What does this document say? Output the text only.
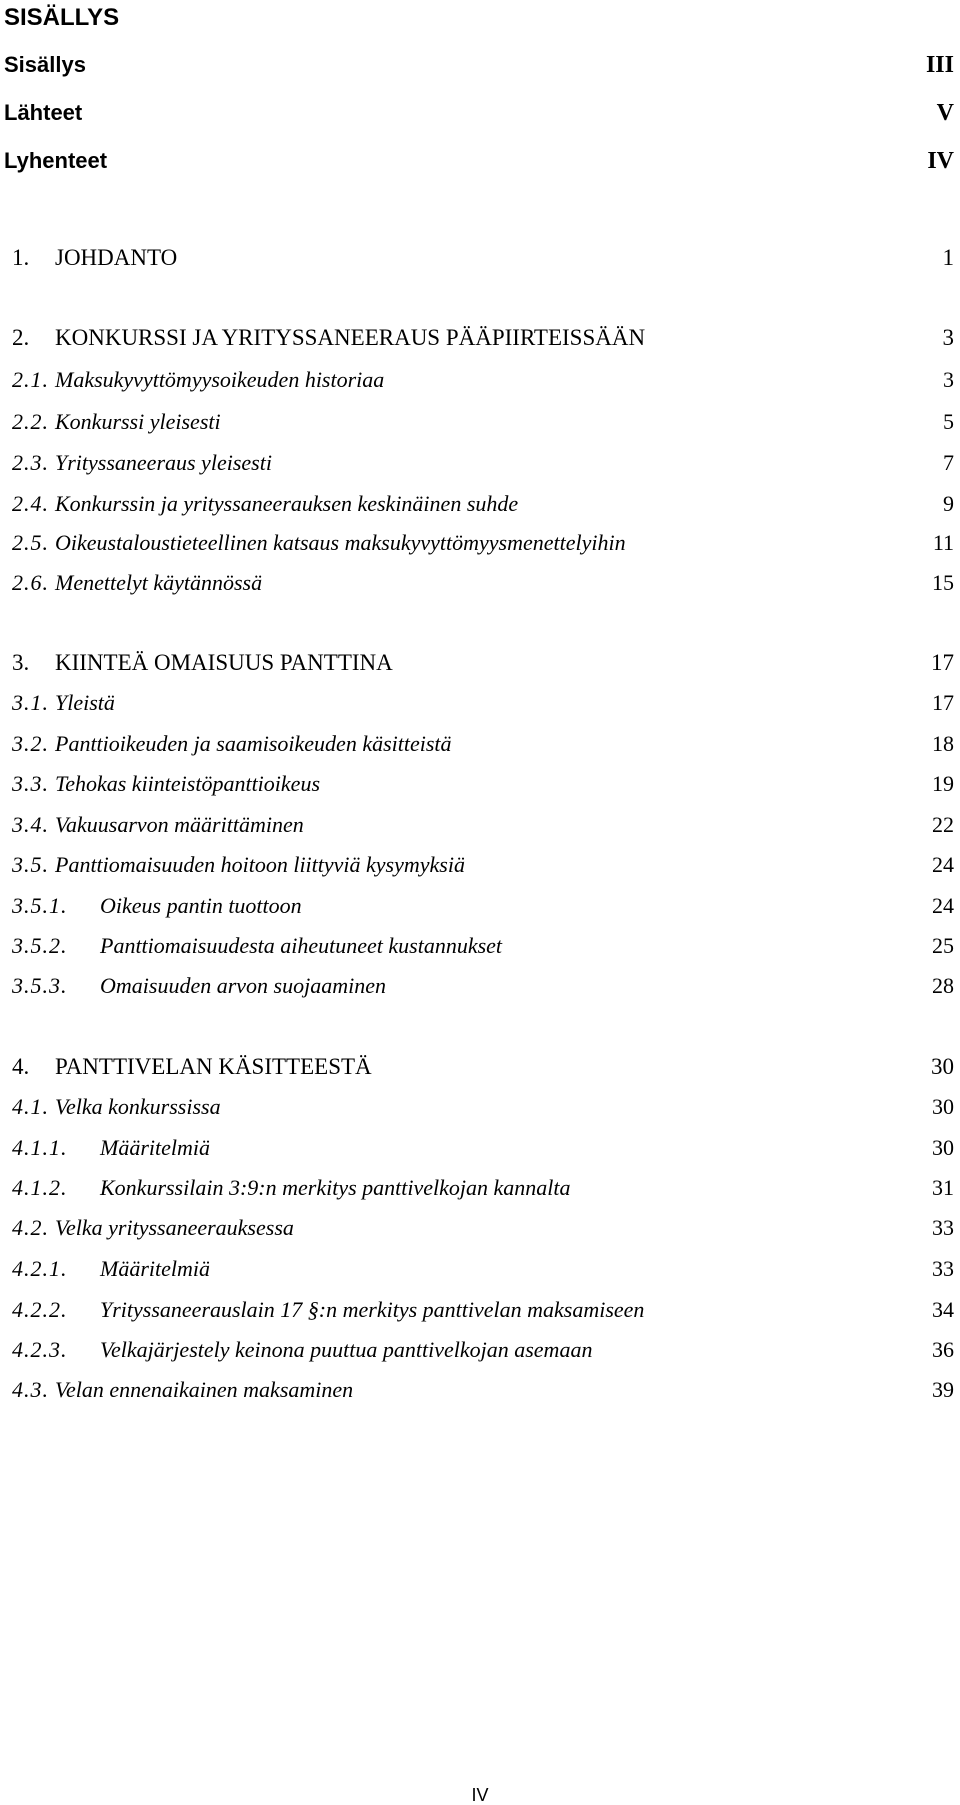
SISÄLLYS
Sisällys	III
Lähteet	V
Lyhenteet	IV
1. JOHDANTO	1
2. KONKURSSI JA YRITYSSANEERAUS PÄÄPIIRTEISSÄÄN	3
2.1. Maksukyvyttömyysoikeuden historiaa	3
2.2. Konkurssi yleisesti	5
2.3. Yrityssaneeraus yleisesti	7
2.4. Konkurssin ja yrityssaneerauksen keskinäinen suhde	9
2.5. Oikeustaloustieteellinen katsaus maksukyvyttömyysmenettelyihin	11
2.6. Menettelyt käytännössä	15
3. KIINTEÄ OMAISUUS PANTTINA	17
3.1. Yleistä	17
3.2. Panttioikeuden ja saamisoikeuden käsitteistä	18
3.3. Tehokas kiinteistöpanttioikeus	19
3.4. Vakuusarvon määrittäminen	22
3.5. Panttiomaisuuden hoitoon liittyviä kysymyksiä	24
3.5.1. Oikeus pantin tuottoon	24
3.5.2. Panttiomaisuudesta aiheutuneet kustannukset	25
3.5.3. Omaisuuden arvon suojaaminen	28
4. PANTTIVELAN KÄSITTEESTÄ	30
4.1. Velka konkurssissa	30
4.1.1. Määritelmiä	30
4.1.2. Konkurssilain 3:9:n merkitys panttivelkojan kannalta	31
4.2. Velka yrityssaneerauksessa	33
4.2.1. Määritelmiä	33
4.2.2. Yrityssaneerauslain 17 §:n merkitys panttivelan maksamiseen	34
4.2.3. Velkajärjestely keinona puuttua panttivelkojan asemaan	36
4.3. Velan ennenaikainen maksaminen	39
IV
